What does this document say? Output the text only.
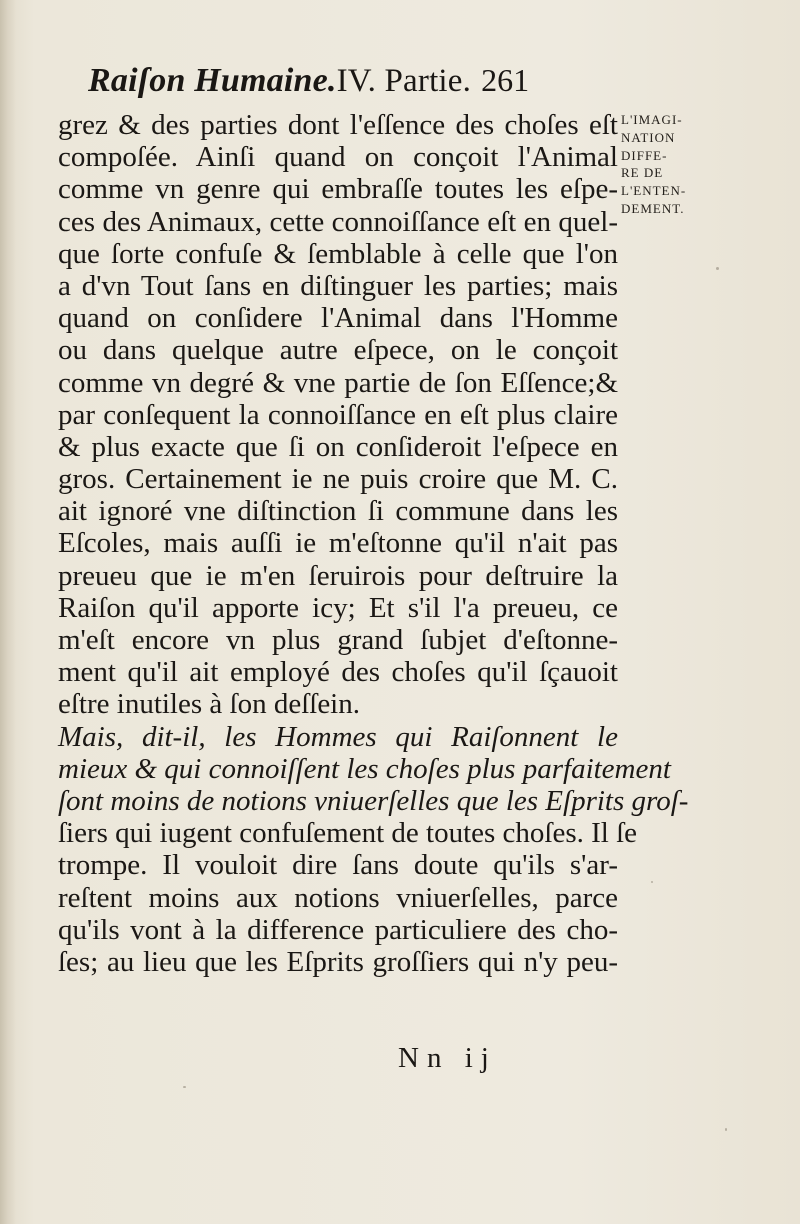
Raiſon Humaine.IV. Partie. 261
grez & des parties dont l'eſſence des choſes eſt
compoſée. Ainſi quand on conçoit l'Animal
comme vn genre qui embraſſe toutes les eſpe-
ces des Animaux, cette connoiſſance eſt en quel-
que ſorte confuſe & ſemblable à celle que l'on
a d'vn Tout ſans en diſtinguer les parties; mais
quand on conſidere l'Animal dans l'Homme
ou dans quelque autre eſpece, on le conçoit
comme vn degré & vne partie de ſon Eſſence;&
par conſequent la connoiſſance en eſt plus claire
& plus exacte que ſi on conſideroit l'eſpece en
gros. Certainement ie ne puis croire que M. C.
ait ignoré vne diſtinction ſi commune dans les
Eſcoles, mais auſſi ie m'eſtonne qu'il n'ait pas
preueu que ie m'en ſeruirois pour deſtruire la
Raiſon qu'il apporte icy; Et s'il l'a preueu, ce
m'eſt encore vn plus grand ſubjet d'eſtonne-
ment qu'il ait employé des choſes qu'il ſçauoit
eſtre inutiles à ſon deſſein.
Mais, dit-il, les Hommes qui Raiſonnent le
mieux & qui connoiſſent les choſes plus parfaitement
ſont moins de notions vniuerſelles que les Eſprits groſ-
ſiers qui iugent confuſement de toutes choſes. Il ſe
trompe. Il vouloit dire ſans doute qu'ils s'ar-
reſtent moins aux notions vniuerſelles, parce
qu'ils vont à la difference particuliere des cho-
ſes; au lieu que les Eſprits groſſiers qui n'y peu-
L'IMAGI-
NATION
DIFFE-
RE DE
L'ENTEN-
DEMENT.
Nn ij
